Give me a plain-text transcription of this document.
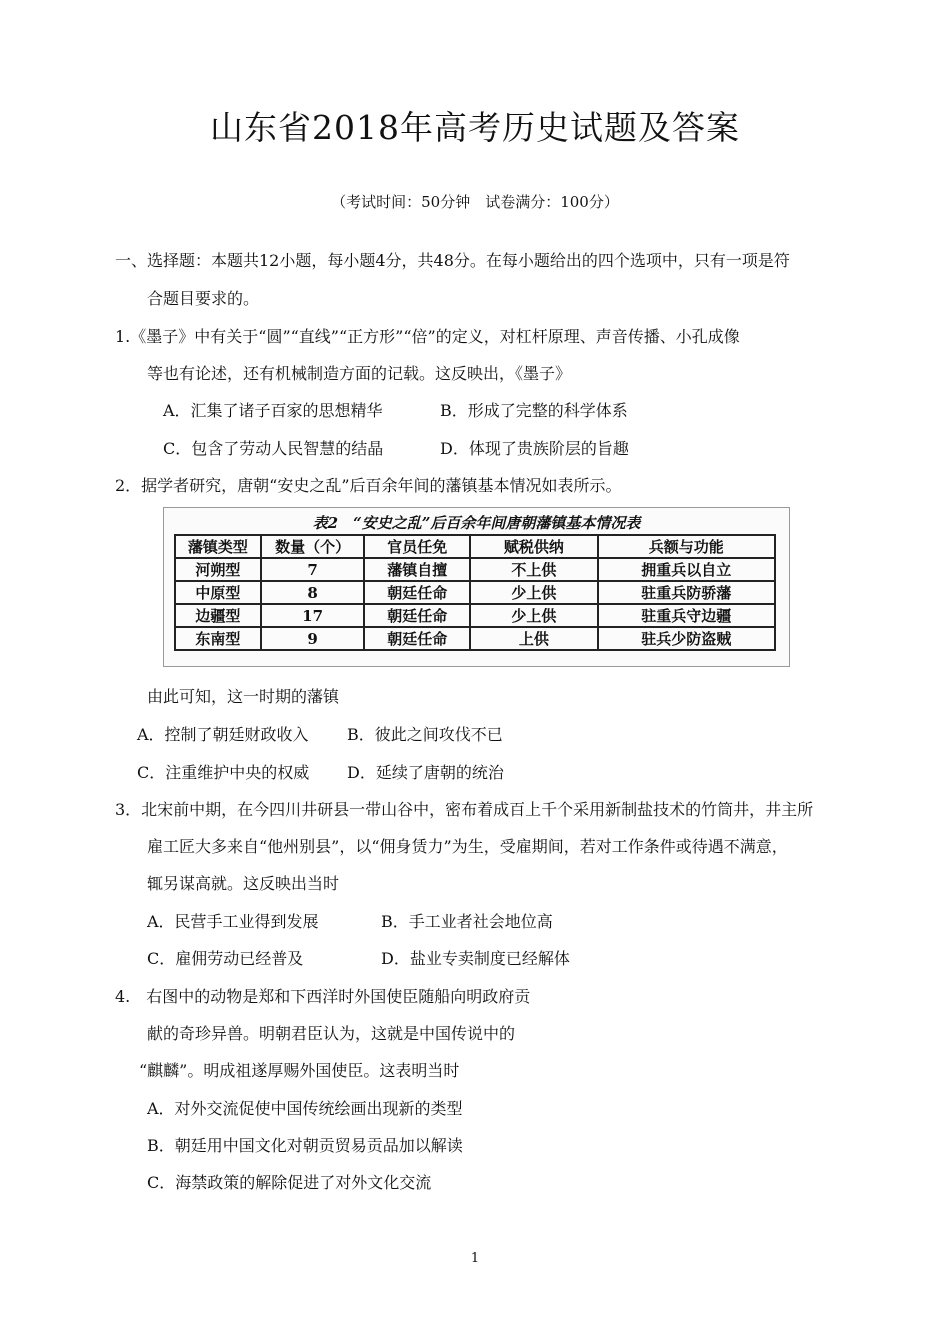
山东省2018年高考历史试题及答案
（考试时间：50分钟　试卷满分：100分）
一、选择题：本题共12小题，每小题4分，共48分。在每小题给出的四个选项中，只有一项是符
合题目要求的。
1.《墨子》中有关于“圆”“直线”“正方形”“倍”的定义，对杠杆原理、声音传播、小孔成像
等也有论述，还有机械制造方面的记载。这反映出，《墨子》
A．汇集了诸子百家的思想精华	B．形成了完整的科学体系
C．包含了劳动人民智慧的结晶	D．体现了贵族阶层的旨趣
2．据学者研究，唐朝“安史之乱”后百余年间的藩镇基本情况如表所示。
表2　“安史之乱”后百余年间唐朝藩镇基本情况表
藩镇类型	数量（个）	官员任免	赋税供纳	兵额与功能
河朔型	7	藩镇自擅	不上供	拥重兵以自立
中原型	8	朝廷任命	少上供	驻重兵防骄藩
边疆型	17	朝廷任命	少上供	驻重兵守边疆
东南型	9	朝廷任命	上供	驻兵少防盗贼
由此可知，这一时期的藩镇
A．控制了朝廷财政收入 B．彼此之间攻伐不已
C．注重维护中央的权威 D．延续了唐朝的统治
3．北宋前中期，在今四川井研县一带山谷中，密布着成百上千个采用新制盐技术的竹筒井，井主所
雇工匠大多来自“他州别县”，以“佣身赁力”为生，受雇期间，若对工作条件或待遇不满意，
辄另谋高就。这反映出当时
A．民营手工业得到发展	B．手工业者社会地位高
C．雇佣劳动已经普及	D．盐业专卖制度已经解体
4.　右图中的动物是郑和下西洋时外国使臣随船向明政府贡
献的奇珍异兽。明朝君臣认为，这就是中国传说中的
“麒麟”。明成祖遂厚赐外国使臣。这表明当时
A．对外交流促使中国传统绘画出现新的类型
B．朝廷用中国文化对朝贡贸易贡品加以解读
C．海禁政策的解除促进了对外文化交流
1
